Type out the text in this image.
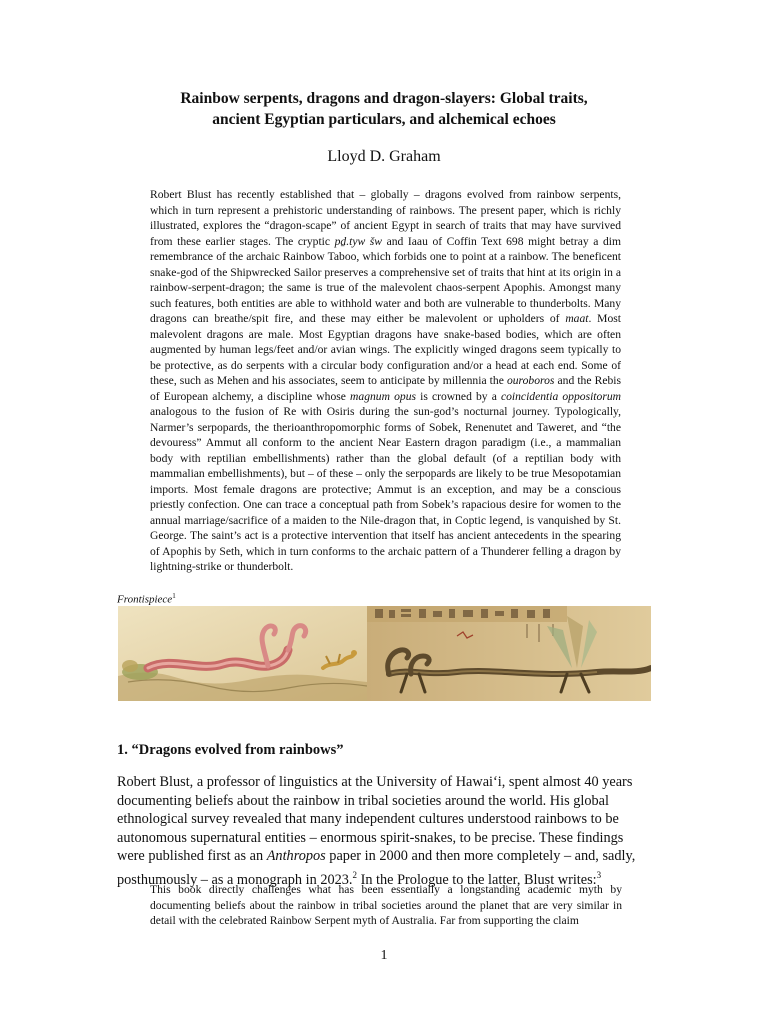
Rainbow serpents, dragons and dragon-slayers: Global traits,
ancient Egyptian particulars, and alchemical echoes
Lloyd D. Graham
Robert Blust has recently established that – globally – dragons evolved from rainbow serpents, which in turn represent a prehistoric understanding of rainbows. The present paper, which is richly illustrated, explores the “dragon-scape” of ancient Egypt in search of traits that may have survived from these earlier stages. The cryptic pḏ.tyw šw and Iaau of Coffin Text 698 might betray a dim remembrance of the archaic Rainbow Taboo, which forbids one to point at a rainbow. The beneficent snake-god of the Shipwrecked Sailor preserves a comprehensive set of traits that hint at its origin in a rainbow-serpent-dragon; the same is true of the malevolent chaos-serpent Apophis. Amongst many such features, both entities are able to withhold water and both are vulnerable to thunderbolts. Many dragons can breathe/spit fire, and these may either be malevolent or upholders of maat. Most malevolent dragons are male. Most Egyptian dragons have snake-based bodies, which are often augmented by human legs/feet and/or avian wings. The explicitly winged dragons seem typically to be protective, as do serpents with a circular body configuration and/or a head at each end. Some of these, such as Mehen and his associates, seem to anticipate by millennia the ouroboros and the Rebis of European alchemy, a discipline whose magnum opus is crowned by a coincidentia oppositorum analogous to the fusion of Re with Osiris during the sun-god’s nocturnal journey. Typologically, Narmer’s serpopards, the therioanthropomorphic forms of Sobek, Renenutet and Taweret, and “the devouress” Ammut all conform to the ancient Near Eastern dragon paradigm (i.e., a mammalian body with reptilian embellishments) rather than the global default (of a reptilian body with mammalian embellishments), but – of these – only the serpopards are likely to be true Mesopotamian imports. Most female dragons are protective; Ammut is an exception, and may be a conscious priestly confection. One can trace a conceptual path from Sobek’s rapacious desire for women to the annual marriage/sacrifice of a maiden to the Nile-dragon that, in Coptic legend, is vanquished by St. George. The saint’s act is a protective intervention that itself has ancient antecedents in the spearing of Apophis by Seth, which in turn conforms to the archaic pattern of a Thunderer felling a dragon by lightning-strike or thunderbolt.
Frontispiece$^1$
1. “Dragons evolved from rainbows”
Robert Blust, a professor of linguistics at the University of Hawai‘i, spent almost 40 years documenting beliefs about the rainbow in tribal societies around the world. His global ethnological survey revealed that many independent cultures understood rainbows to be autonomous supernatural entities – enormous spirit-snakes, to be precise. These findings were published first as an Anthropos paper in 2000 and then more completely – and, sadly, posthumously – as a monograph in 2023.$^2$ In the Prologue to the latter, Blust writes:$^3$
This book directly challenges what has been essentially a longstanding academic myth by documenting beliefs about the rainbow in tribal societies around the planet that are very similar in detail with the celebrated Rainbow Serpent myth of Australia. Far from supporting the claim
1
